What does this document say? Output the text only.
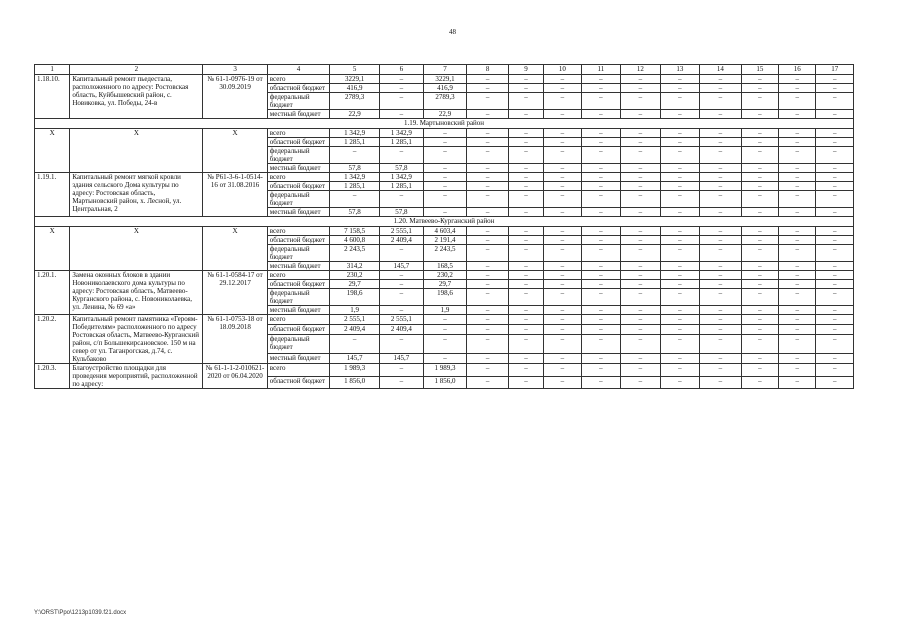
48
1	2	3	4	5	6	7	8	9	10	11	12	13	14	15	16	17
1.18.10.	Капитальный ремонт пьедестала, расположенного по адресу: Ростовская область, Куйбышевский район, с. Новиковка, ул. Победы, 24-в	№ 61-1-0976-19 от 30.09.2019	всего	3229,1	–	3229,1	–	–	–	–	–	–	–	–	–	–
			областной бюджет	416,9	–	416,9	–	–	–	–	–	–	–	–	–	–
			федеральный бюджет	2789,3	–	2789,3	–	–	–	–	–	–	–	–	–	–
			местный бюджет	22,9	–	22,9	–	–	–	–	–	–	–	–	–	–
1.19. Мартыновский район																
Х	Х	Х	всего	1 342,9	1 342,9	–	–	–	–	–	–	–	–	–	–	–
			областной бюджет	1 285,1	1 285,1	–	–	–	–	–	–	–	–	–	–	–
			федеральный бюджет	–	–	–	–	–	–	–	–	–	–	–	–	–
			местный бюджет	57,8	57,8	–	–	–	–	–	–	–	–	–	–	–
1.19.1.	Капитальный ремонт мягкой кровли здания сельского Дома культуры по адресу: Ростовская область, Мартыновский район, х. Лесной, ул. Центральная, 2	№ Р61-3-6-1-0514-16 от 31.08.2016	всего	1 342,9	1 342,9	–	–	–	–	–	–	–	–	–	–	–
			областной бюджет	1 285,1	1 285,1	–	–	–	–	–	–	–	–	–	–	–
			федеральный бюджет	–	–	–	–	–	–	–	–	–	–	–	–	–
			местный бюджет	57,8	57,8	–	–	–	–	–	–	–	–	–	–	–
1.20. Матвеево-Курганский район																
Х	Х	Х	всего	7 158,5	2 555,1	4 603,4	–	–	–	–	–	–	–	–	–	–
			областной бюджет	4 600,8	2 409,4	2 191,4	–	–	–	–	–	–	–	–	–	–
			федеральный бюджет	2 243,5	–	2 243,5	–	–	–	–	–	–	–	–	–	–
			местный бюджет	314,2	145,7	168,5	–	–	–	–	–	–	–	–	–	–
1.20.1.	Замена оконных блоков в здании Новониколаевского дома культуры по адресу: Ростовская область, Матвеево-Курганского района, с. Новониколаевка, ул. Ленина, № 69 «а»	№ 61-1-0584-17 от 29.12.2017	всего	230,2	–	230,2	–	–	–	–	–	–	–	–	–	–
			областной бюджет	29,7	–	29,7	–	–	–	–	–	–	–	–	–	–
			федеральный бюджет	198,6	–	198,6	–	–	–	–	–	–	–	–	–	–
			местный бюджет	1,9	–	1,9	–	–	–	–	–	–	–	–	–	–
1.20.2.	Капитальный ремонт памятника «Героям-Победителям» расположенного по адресу Ростовская область, Матвеево-Курганский район, с/п Большекирсановское. 150 м на север от ул. Таганрогская, д.74, с. Кульбаково	№ 61-1-0753-18 от 18.09.2018	всего	2 555,1	2 555,1	–	–	–	–	–	–	–	–	–	–	–
			областной бюджет	2 409,4	2 409,4	–	–	–	–	–	–	–	–	–	–	–
			федеральный бюджет	–	–	–	–	–	–	–	–	–	–	–	–	–
			местный бюджет	145,7	145,7	–	–	–	–	–	–	–	–	–	–	–
1.20.3.	Благоустройство площадки для проведения мероприятий, расположенной по адресу:	№ 61-1-1-2-010621-2020 от 06.04.2020	всего	1 989,3	–	1 989,3	–	–	–	–	–	–	–	–	–	–
			областной бюджет	1 856,0	–	1 856,0	–	–	–	–	–	–	–	–	–	–
Y:\ORST\Ppo\1213p1039.f21.docx
